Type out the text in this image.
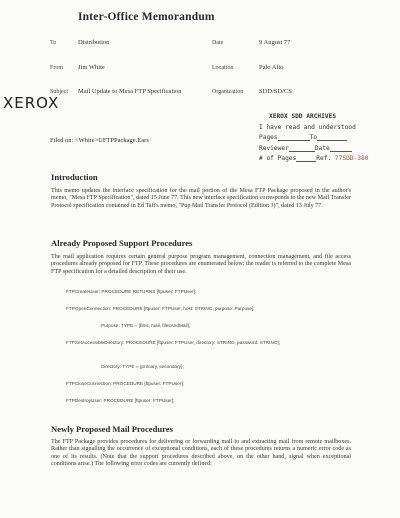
Inter-Office Memorandum
To	Distribution	Date	9 August 77
From Jim White	Location	Palo Alto
Subject Mail Update to Mesa FTP Specification	Organization SDD/SD/CS
XEROX
XEROX SDD ARCHIVES
I have read and understood
Pages	To
Reviewer	Date
# of Pages	Ref. 77SDD-380
Filed on: <White>UFTPPackage.Ears
Introduction
This memo updates the interface specification for the mail portion of the Mesa FTP Package proposed in the author's memo, "Mesa FTP Specification", dated 15 June 77. This new interface specification corresponds to the new Mail Transfer Protocol specification contained in Ed Taft's memo, "Pup Mail Transfer Protocol (Edition 3)", dated 13 July 77.
Already Proposed Support Procedures
The mail application requires certain general purpose program management, connection management, and file access procedures already proposed for FTP. These procedures are enumerated below; the reader is referred to the complete Mesa FTP specification for a detailed description of their use.
FTPCreateUser: PROCEDURE RETURNS [ftpuser: FTPUser];
FTPOpenConnection: PROCEDURE [ftpuser: FTPUser, host: STRING, purpose: Purpose];
Purpose: TYPE = {files, mail, filesAndMail};
FTPSetAccessibleDirectory: PROCEDURE [ftpuser: FTPUser, directory: STRING, password: STRING];
Directory: TYPE = {primary, secondary};
FTPCloseConnection: PROCEDURE [ftpuser: FTPUser];
FTPDestroyUser: PROCEDURE [ftpuser: FTPUser];
Newly Proposed Mail Procedures
The FTP Package provides procedures for delivering or forwarding mail to and extracting mail from remote mailboxes. Rather than signalling the occurrence of exceptional conditions, each of these procedures returns a numeric error code as one of its results. (Note that the support procedures described above, on the other hand, signal when exceptional conditions arise.) The following error codes are currently defined:
